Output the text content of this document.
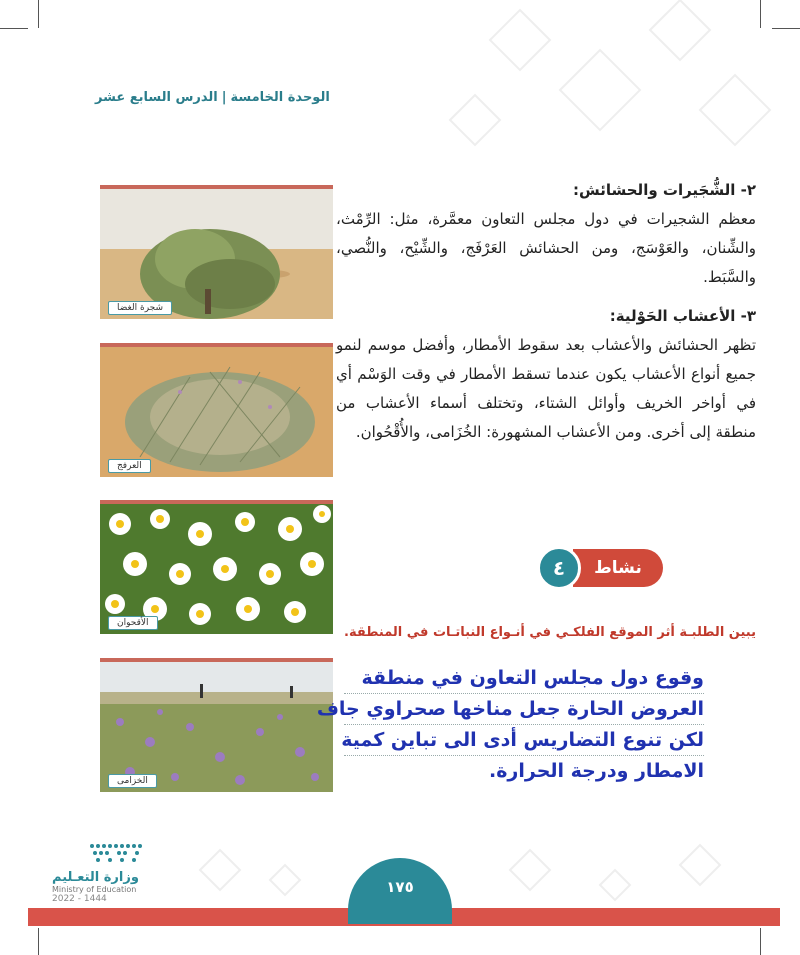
الوحدة الخامسة|الدرس السابع عشر
شجرة الغضا
العرفج
الأقحوان
الخزامى
٢- الشُّجَيرات والحشائش:
معظم الشجيرات في دول مجلس التعاون معمَّرة، مثل: الرِّمْث، والشِّنان، والعَوْسَج، ومن الحشائش العَرْفَج، والشِّيْح، والنُّصي، والسَّبَط.
٣- الأعشاب الحَوْلية:
تظهر الحشائش والأعشاب بعد سقوط الأمطار، وأفضل موسم لنمو جميع أنواع الأعشاب يكون عندما تسقط الأمطار في وقت الوَسْم أي في أواخر الخريف وأوائل الشتاء، وتختلف أسماء الأعشاب من منطقة إلى أخرى. ومن الأعشاب المشهورة: الخُزَامى، والأُقْحُوان.
نشاط
٤
يبين الطلبـة أثر الموقع الفلكـي في أنـواع النباتـات في المنطقة.
وقوع دول مجلس التعاون في منطقة
العروض الحارة جعل مناخها صحراوي جاف
لكن تنوع التضاريس أدى الى تباين كمية
الامطار ودرجة الحرارة.
١٧٥
وزارة التعـليم
Ministry of Education
2022 - 1444
